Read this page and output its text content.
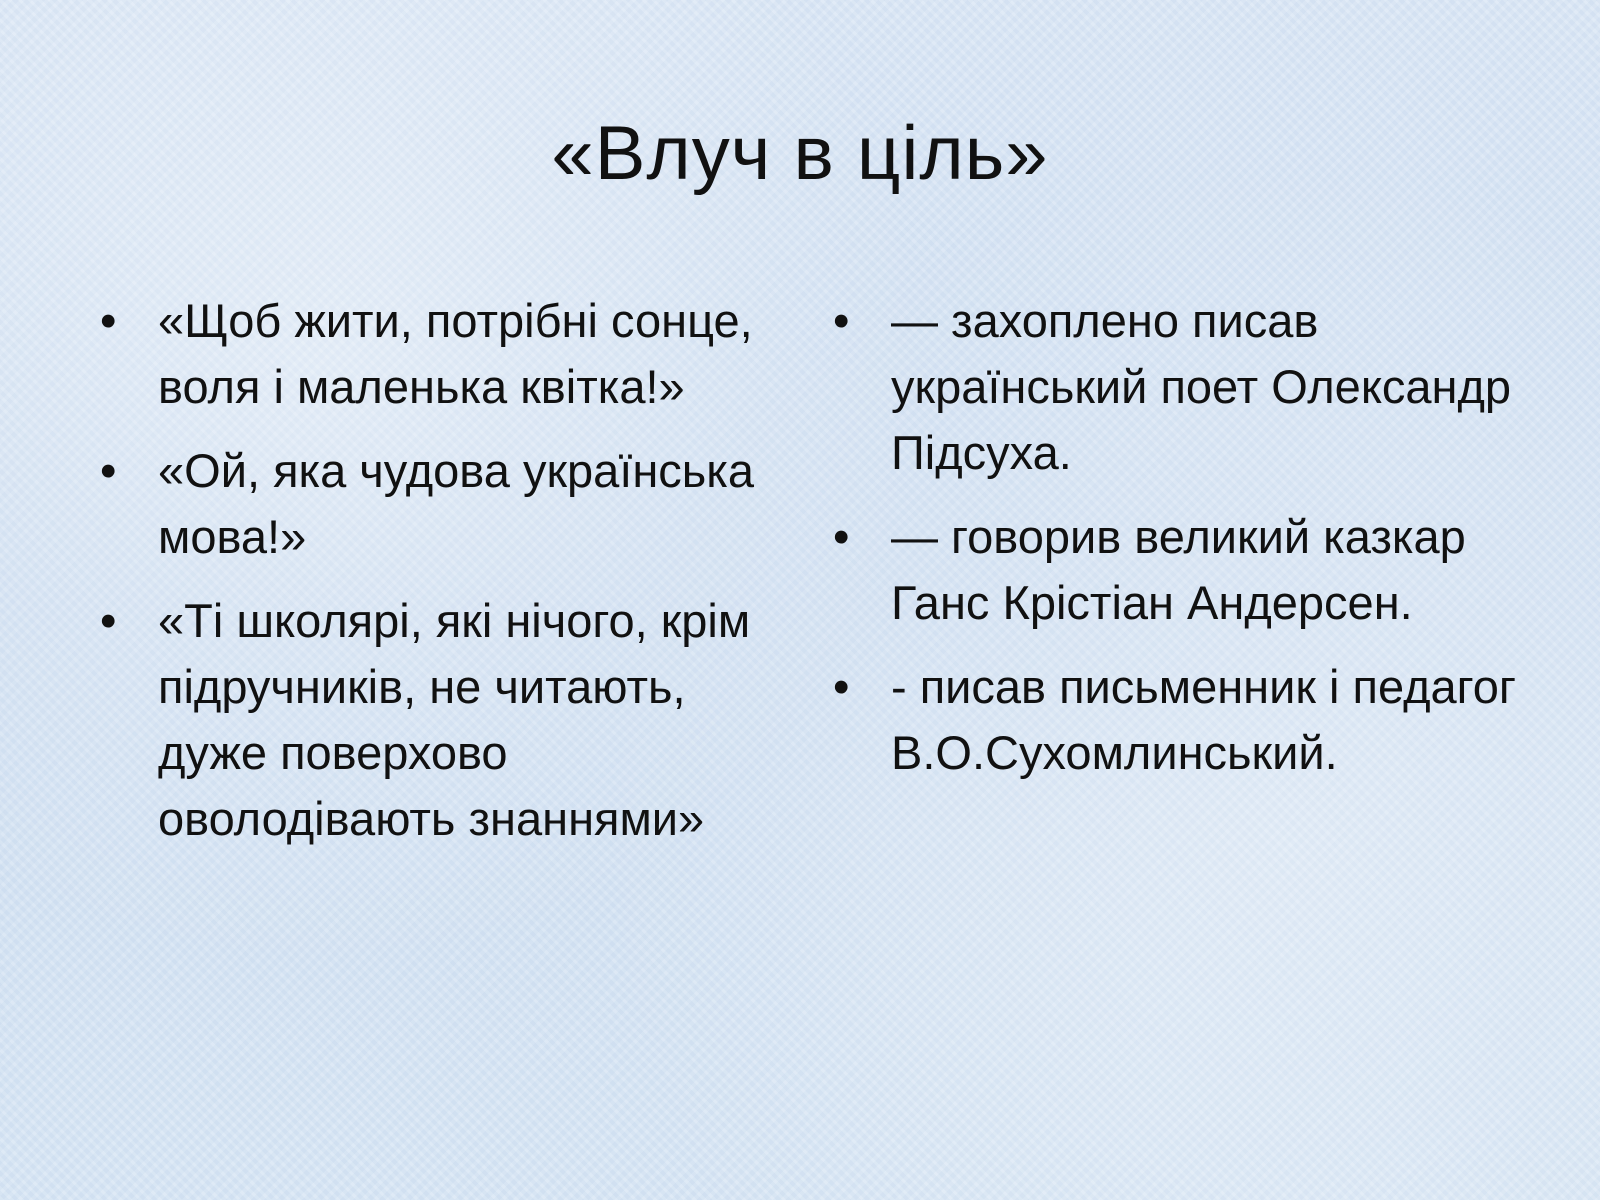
«Влуч в ціль»
• «Щоб жити, потрібні сонце, воля і маленька квітка!»
• «Ой, яка чудова українська мова!»
• «Ті школярі, які нічого, крім підручників, не читають, дуже поверхово оволодівають знаннями»
• — захоплено писав український поет Олександр Підсуха.
• — говорив великий казкар Ганс Крістіан Андерсен.
• - писав письменник і педагог В.О.Сухомлинський.
